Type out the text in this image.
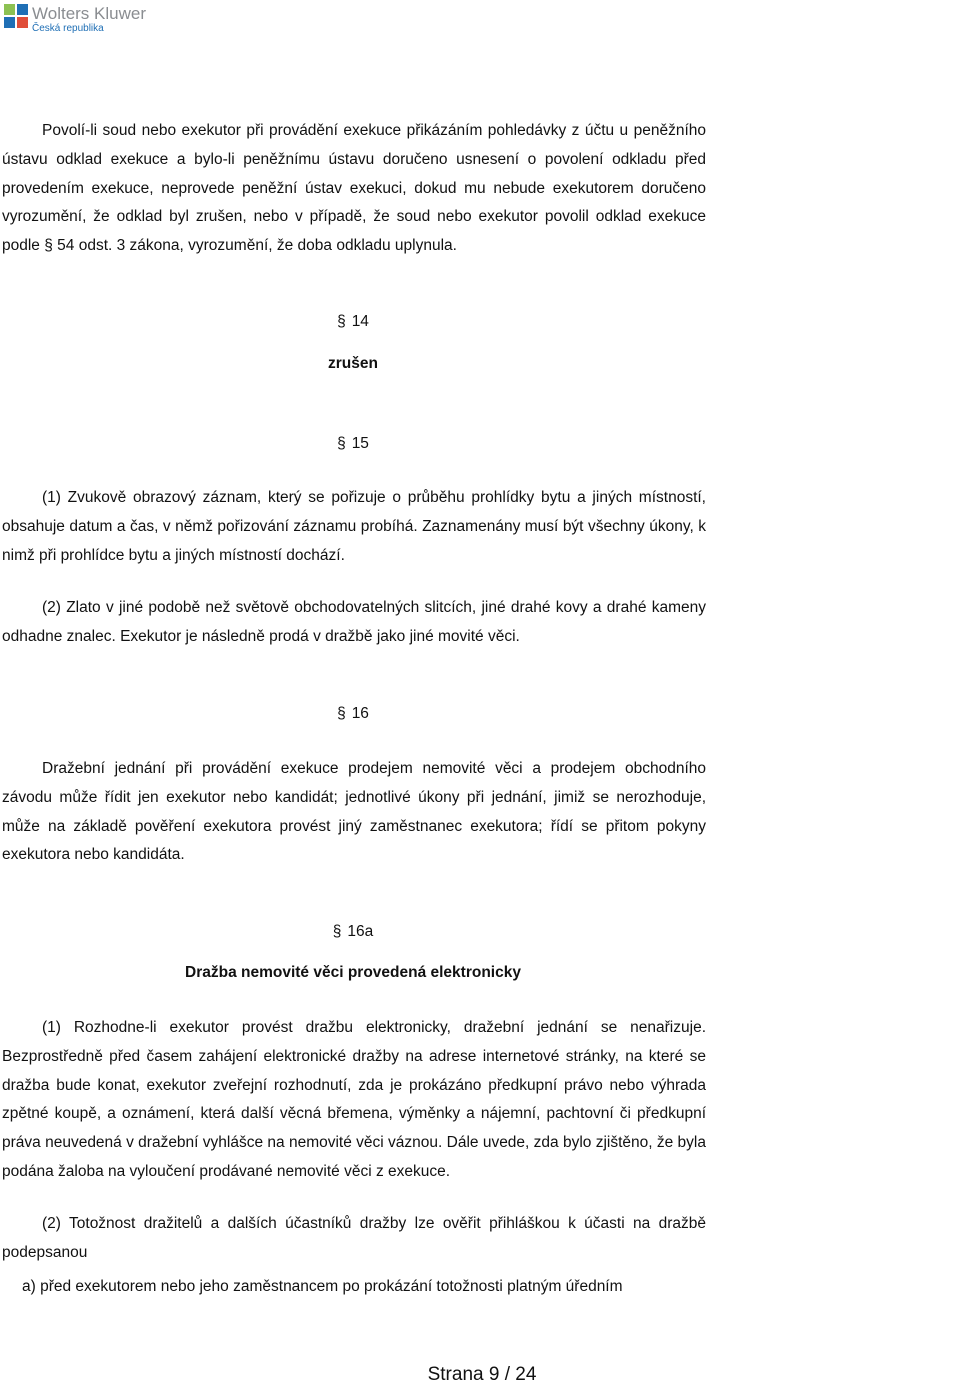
Wolters Kluwer
Česká republika

Povolí-li soud nebo exekutor při provádění exekuce přikázáním pohledávky z účtu u peněžního ústavu odklad exekuce a bylo-li peněžnímu ústavu doručeno usnesení o povolení odkladu před provedením exekuce, neprovede peněžní ústav exekuci, dokud mu nebude exekutorem doručeno vyrozumění, že odklad byl zrušen, nebo v případě, že soud nebo exekutor povolil odklad exekuce podle § 54 odst. 3 zákona, vyrozumění, že doba odkladu uplynula.

§ 14

zrušen

§ 15

(1) Zvukově obrazový záznam, který se pořizuje o průběhu prohlídky bytu a jiných místností, obsahuje datum a čas, v němž pořizování záznamu probíhá. Zaznamenány musí být všechny úkony, k nimž při prohlídce bytu a jiných místností dochází.

(2) Zlato v jiné podobě než světově obchodovatelných slitcích, jiné drahé kovy a drahé kameny odhadne znalec. Exekutor je následně prodá v dražbě jako jiné movité věci.

§ 16

Dražební jednání při provádění exekuce prodejem nemovité věci a prodejem obchodního závodu může řídit jen exekutor nebo kandidát; jednotlivé úkony při jednání, jimiž se nerozhoduje, může na základě pověření exekutora provést jiný zaměstnanec exekutora; řídí se přitom pokyny exekutora nebo kandidáta.

§ 16a

Dražba nemovité věci provedená elektronicky

(1) Rozhodne-li exekutor provést dražbu elektronicky, dražební jednání se nenařizuje. Bezprostředně před časem zahájení elektronické dražby na adrese internetové stránky, na které se dražba bude konat, exekutor zveřejní rozhodnutí, zda je prokázáno předkupní právo nebo výhrada zpětné koupě, a oznámení, která další věcná břemena, výměnky a nájemní, pachtovní či předkupní práva neuvedená v dražební vyhlášce na nemovité věci váznou. Dále uvede, zda bylo zjištěno, že byla podána žaloba na vyloučení prodávané nemovité věci z exekuce.

(2) Totožnost dražitelů a dalších účastníků dražby lze ověřit přihláškou k účasti na dražbě podepsanou

a) před exekutorem nebo jeho zaměstnancem po prokázání totožnosti platným úředním

Strana 9 / 24
